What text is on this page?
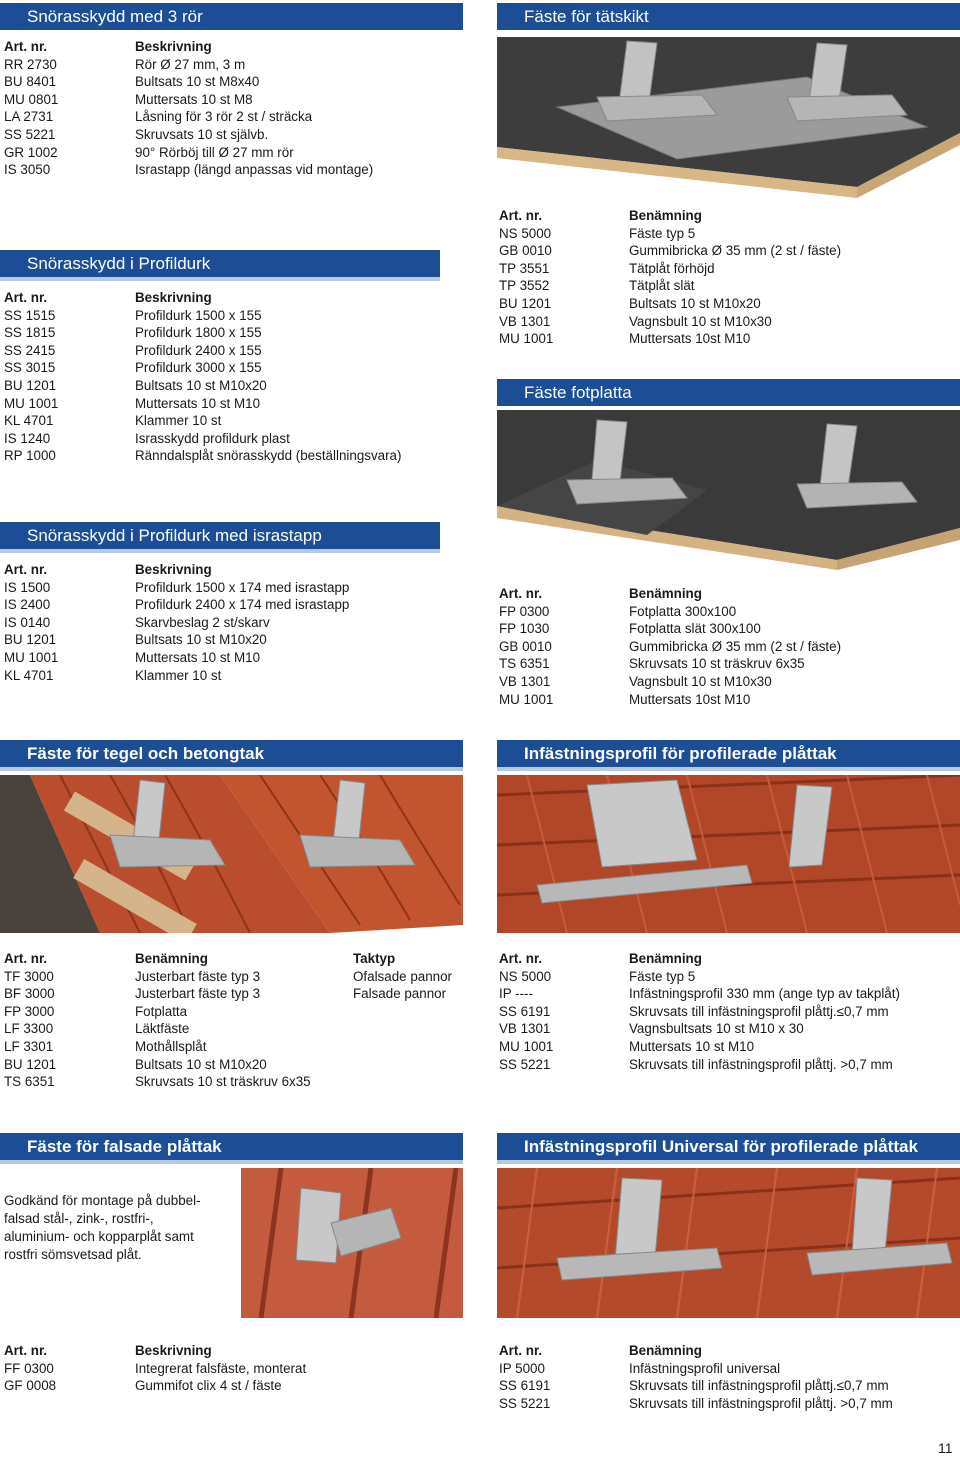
Snörasskydd med 3 rör	Fäste för tätskikt
Snörasskydd i Profildurk
Fäste fotplatta
Snörasskydd i Profildurk med israstapp
Fäste för tegel och betongtak	Infästningsprofil för profilerade plåttak
Fäste för falsade plåttak	Infästningsprofil Universal för profilerade plåttak
Art. nr.	Beskrivning
RR 2730	Rör Ø 27 mm, 3 m
BU 8401	Bultsats 10 st M8x40
MU 0801	Muttersats 10 st M8
LA 2731	Låsning för 3 rör 2 st / sträcka
SS 5221	Skruvsats 10 st självb.
GR 1002	90° Rörböj till Ø 27 mm rör
IS 3050	Israstapp (längd anpassas vid montage)
Art. nr.	Beskrivning
SS 1515	Profildurk 1500 x 155
SS 1815	Profildurk 1800 x 155
SS 2415	Profildurk 2400 x 155
SS 3015	Profildurk 3000 x 155
BU 1201	Bultsats 10 st M10x20
MU 1001	Muttersats 10 st M10
KL 4701	Klammer 10 st
IS 1240	Israsskydd profildurk plast
RP 1000	Ränndalsplåt snörasskydd (beställningsvara)
Art. nr.	Benämning
NS 5000	Fäste typ 5
GB 0010	Gummibricka Ø 35 mm (2 st / fäste)
TP 3551	Tätplåt förhöjd
TP 3552	Tätplåt slät
BU 1201	Bultsats 10 st M10x20
VB 1301	Vagnsbult 10 st M10x30
MU 1001	Muttersats 10st M10
Art. nr.	Beskrivning
IS 1500	Profildurk 1500 x 174 med israstapp
IS 2400	Profildurk 2400 x 174 med israstapp
IS 0140	Skarvbeslag 2 st/skarv
BU 1201	Bultsats 10 st M10x20
MU 1001	Muttersats 10 st M10
KL 4701	Klammer 10 st
Art. nr.	Benämning
FP 0300	Fotplatta 300x100
FP 1030	Fotplatta slät 300x100
GB 0010	Gummibricka Ø 35 mm (2 st / fäste)
TS 6351	Skruvsats 10 st träskruv 6x35
VB 1301	Vagnsbult 10 st M10x30
MU 1001	Muttersats 10st M10
Art. nr.	Benämning	Taktyp
TF 3000	Justerbart fäste typ 3	Ofalsade pannor
BF 3000	Justerbart fäste typ 3	Falsade pannor
FP 3000	Fotplatta
LF 3300	Läktfäste
LF 3301	Mothållsplåt
BU 1201	Bultsats 10 st M10x20
TS 6351	Skruvsats 10 st träskruv 6x35
Art. nr.	Benämning
NS 5000	Fäste typ 5
IP ----	Infästningsprofil 330 mm (ange typ av takplåt)
SS 6191	Skruvsats till infästningsprofil plåttj.≤0,7 mm
VB 1301	Vagnsbultsats 10 st M10 x 30
MU 1001	Muttersats 10 st M10
SS 5221	Skruvsats till infästningsprofil plåttj. >0,7 mm
Godkänd för montage på dubbel-
falsad stål-, zink-, rostfri-,
aluminium- och kopparplåt samt
rostfri sömsvetsad plåt.
Art. nr.	Beskrivning
FF 0300	Integrerat falsfäste, monterat
GF 0008	Gummifot clix 4 st / fäste
Art. nr.	Benämning
IP 5000	Infästningsprofil universal
SS 6191	Skruvsats till infästningsprofil plåttj.≤0,7 mm
SS 5221	Skruvsats till infästningsprofil plåttj. >0,7 mm
11
